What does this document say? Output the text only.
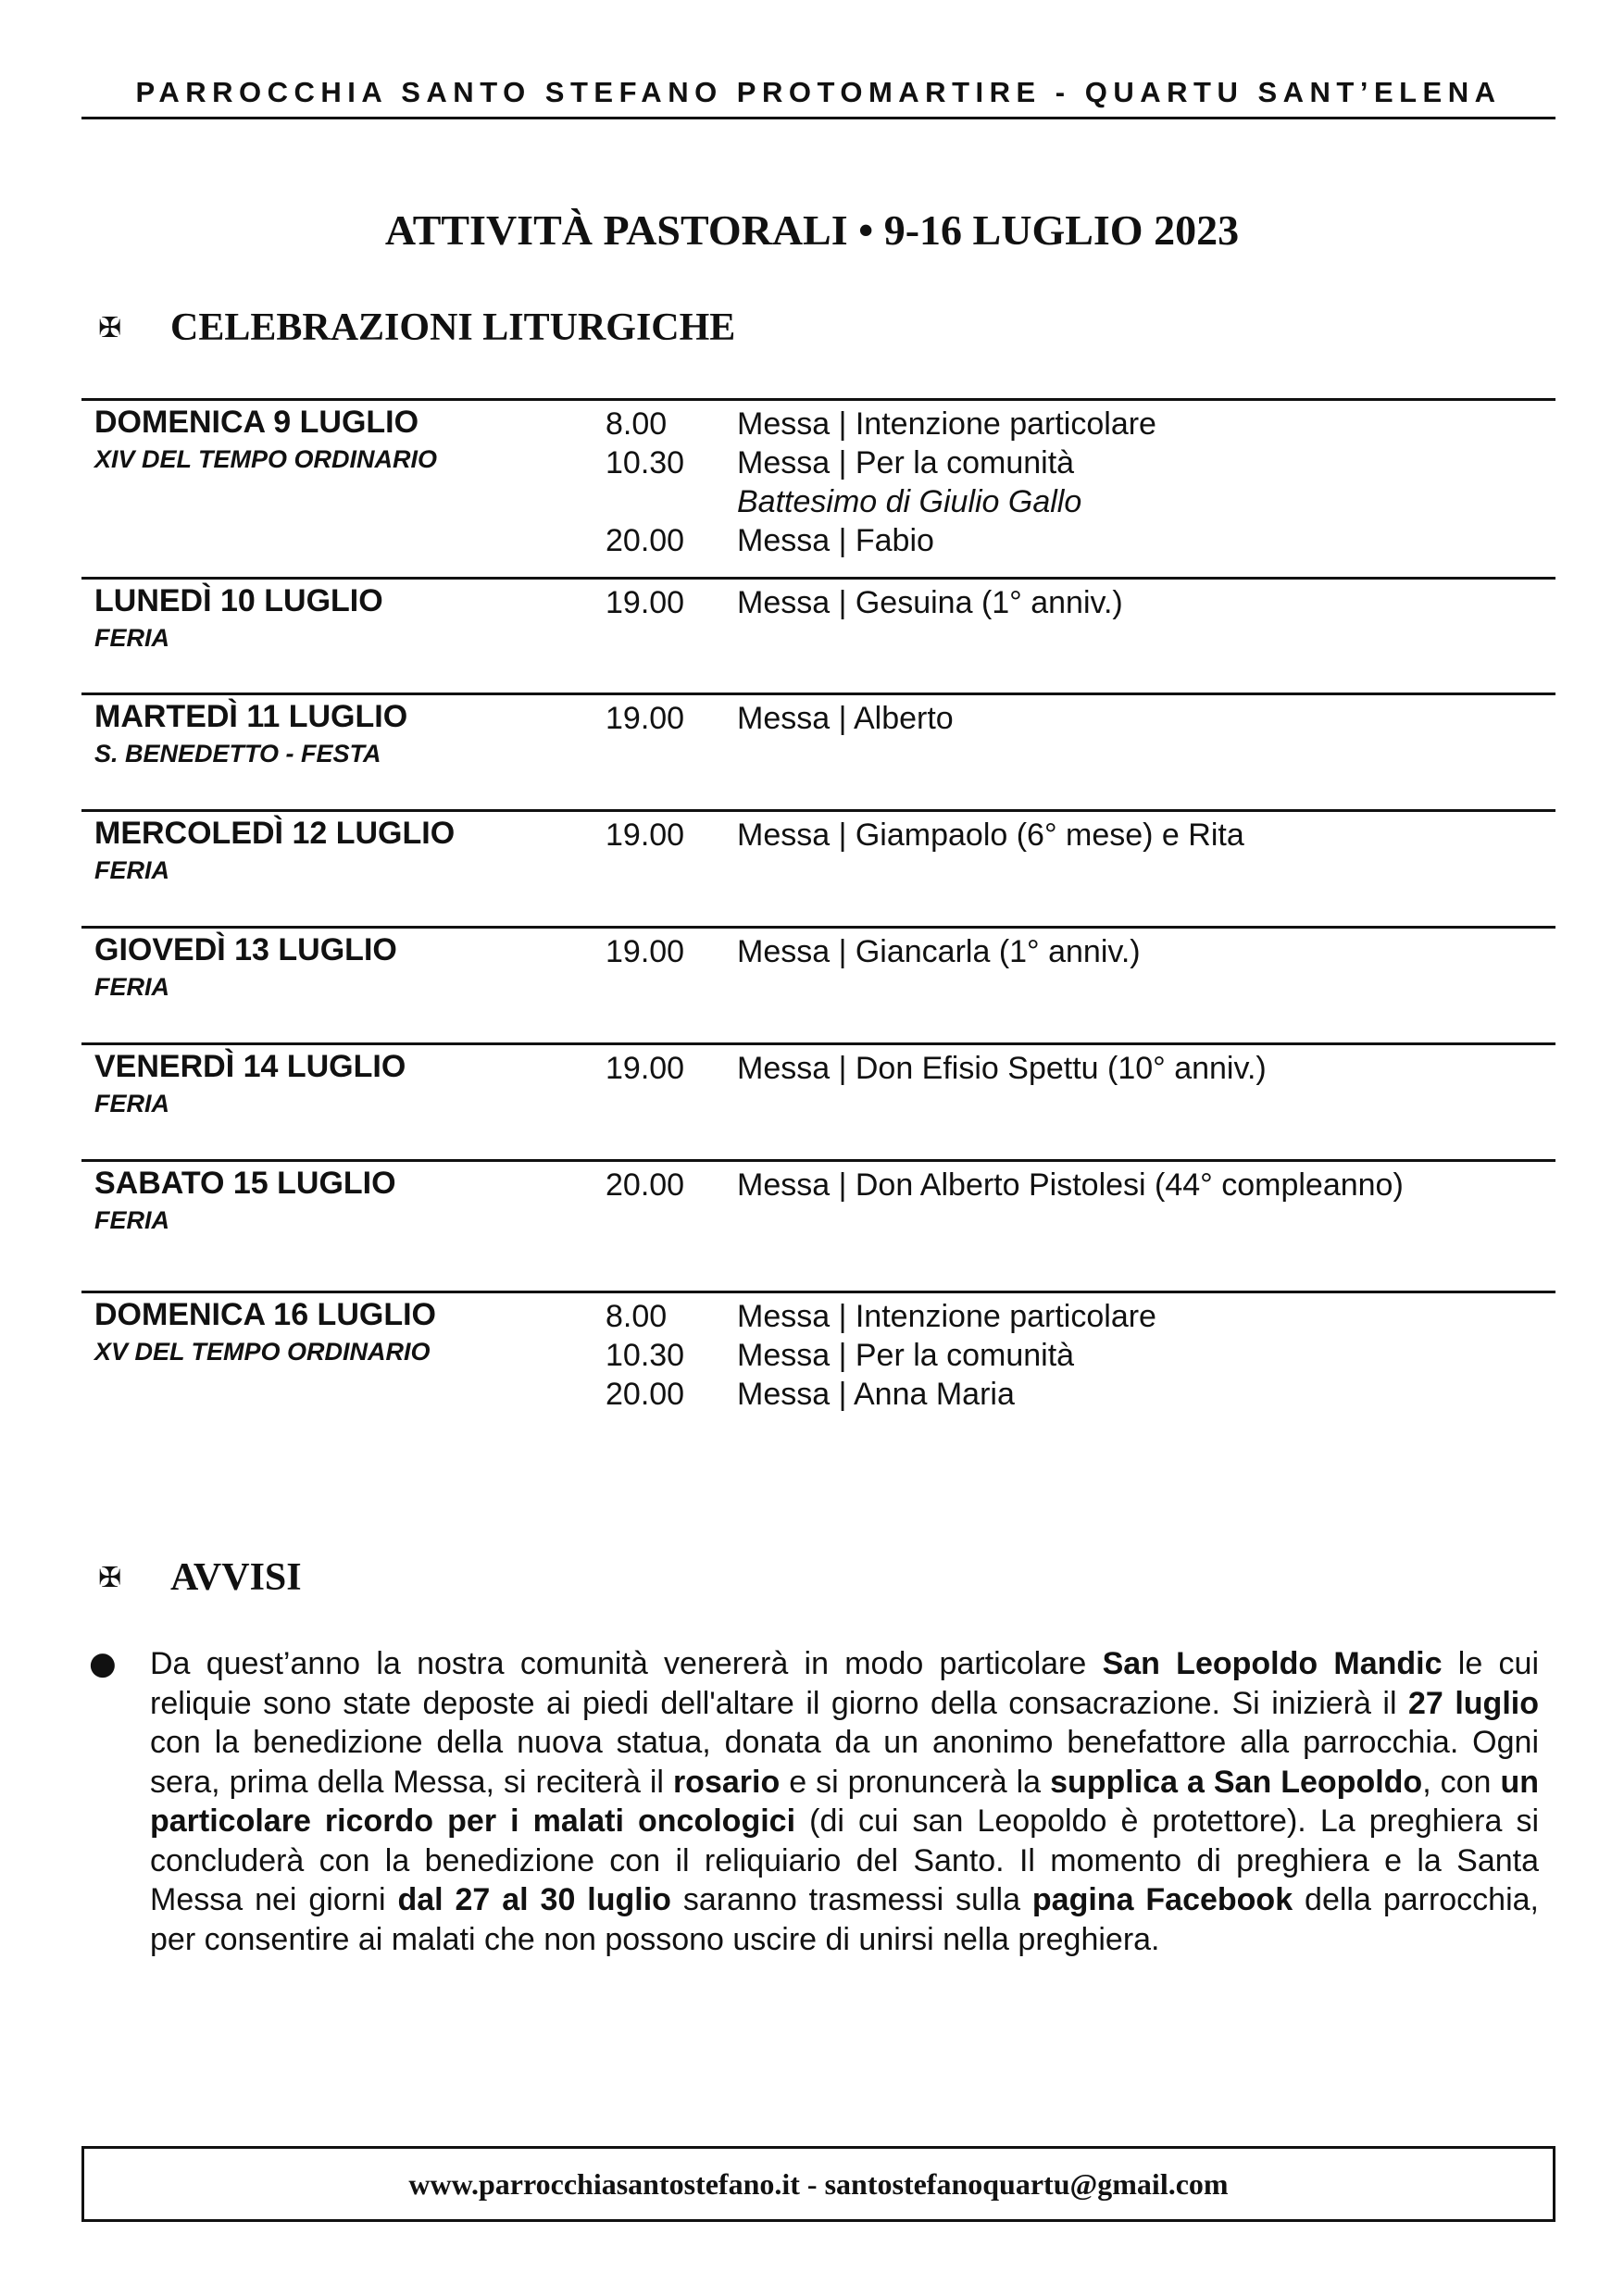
PARROCCHIA SANTO STEFANO PROTOMARTIRE - QUARTU SANT’ELENA
ATTIVITÀ PASTORALI • 9-16 LUGLIO 2023
✠	CELEBRAZIONI LITURGICHE
DOMENICA 9 LUGLIO
XIV DEL TEMPO ORDINARIO
8.00 Messa | Intenzione particolare
10.30 Messa | Per la comunità
Battesimo di Giulio Gallo
20.00 Messa | Fabio
LUNEDÌ 10 LUGLIO
FERIA
19.00 Messa | Gesuina (1° anniv.)
MARTEDÌ 11 LUGLIO
S. BENEDETTO - FESTA
19.00 Messa | Alberto
MERCOLEDÌ 12 LUGLIO
FERIA
19.00 Messa | Giampaolo (6° mese) e Rita
GIOVEDÌ 13 LUGLIO
FERIA
19.00 Messa | Giancarla (1° anniv.)
VENERDÌ 14 LUGLIO
FERIA
19.00 Messa | Don Efisio Spettu (10° anniv.)
SABATO 15 LUGLIO
FERIA
20.00 Messa | Don Alberto Pistolesi (44° compleanno)
DOMENICA 16 LUGLIO
XV DEL TEMPO ORDINARIO
8.00 Messa | Intenzione particolare
10.30 Messa | Per la comunità
20.00 Messa | Anna Maria
✠	AVVISI
● Da quest’anno la nostra comunità venererà in modo particolare San Leopoldo Mandic le cui reliquie sono state deposte ai piedi dell'altare il giorno della consacrazione. Si inizierà il 27 luglio con la benedizione della nuova statua, donata da un anonimo benefattore alla parrocchia. Ogni sera, prima della Messa, si reciterà il rosario e si pronuncerà la supplica a San Leopoldo, con un particolare ricordo per i malati oncologici (di cui san Leopoldo è protettore). La preghiera si concluderà con la benedizione con il reliquiario del Santo. Il momento di preghiera e la Santa Messa nei giorni dal 27 al 30 luglio saranno trasmessi sulla pagina Facebook della parrocchia, per consentire ai malati che non possono uscire di unirsi nella preghiera.
www.parrocchiasantostefano.it - santostefanoquartu@gmail.com
